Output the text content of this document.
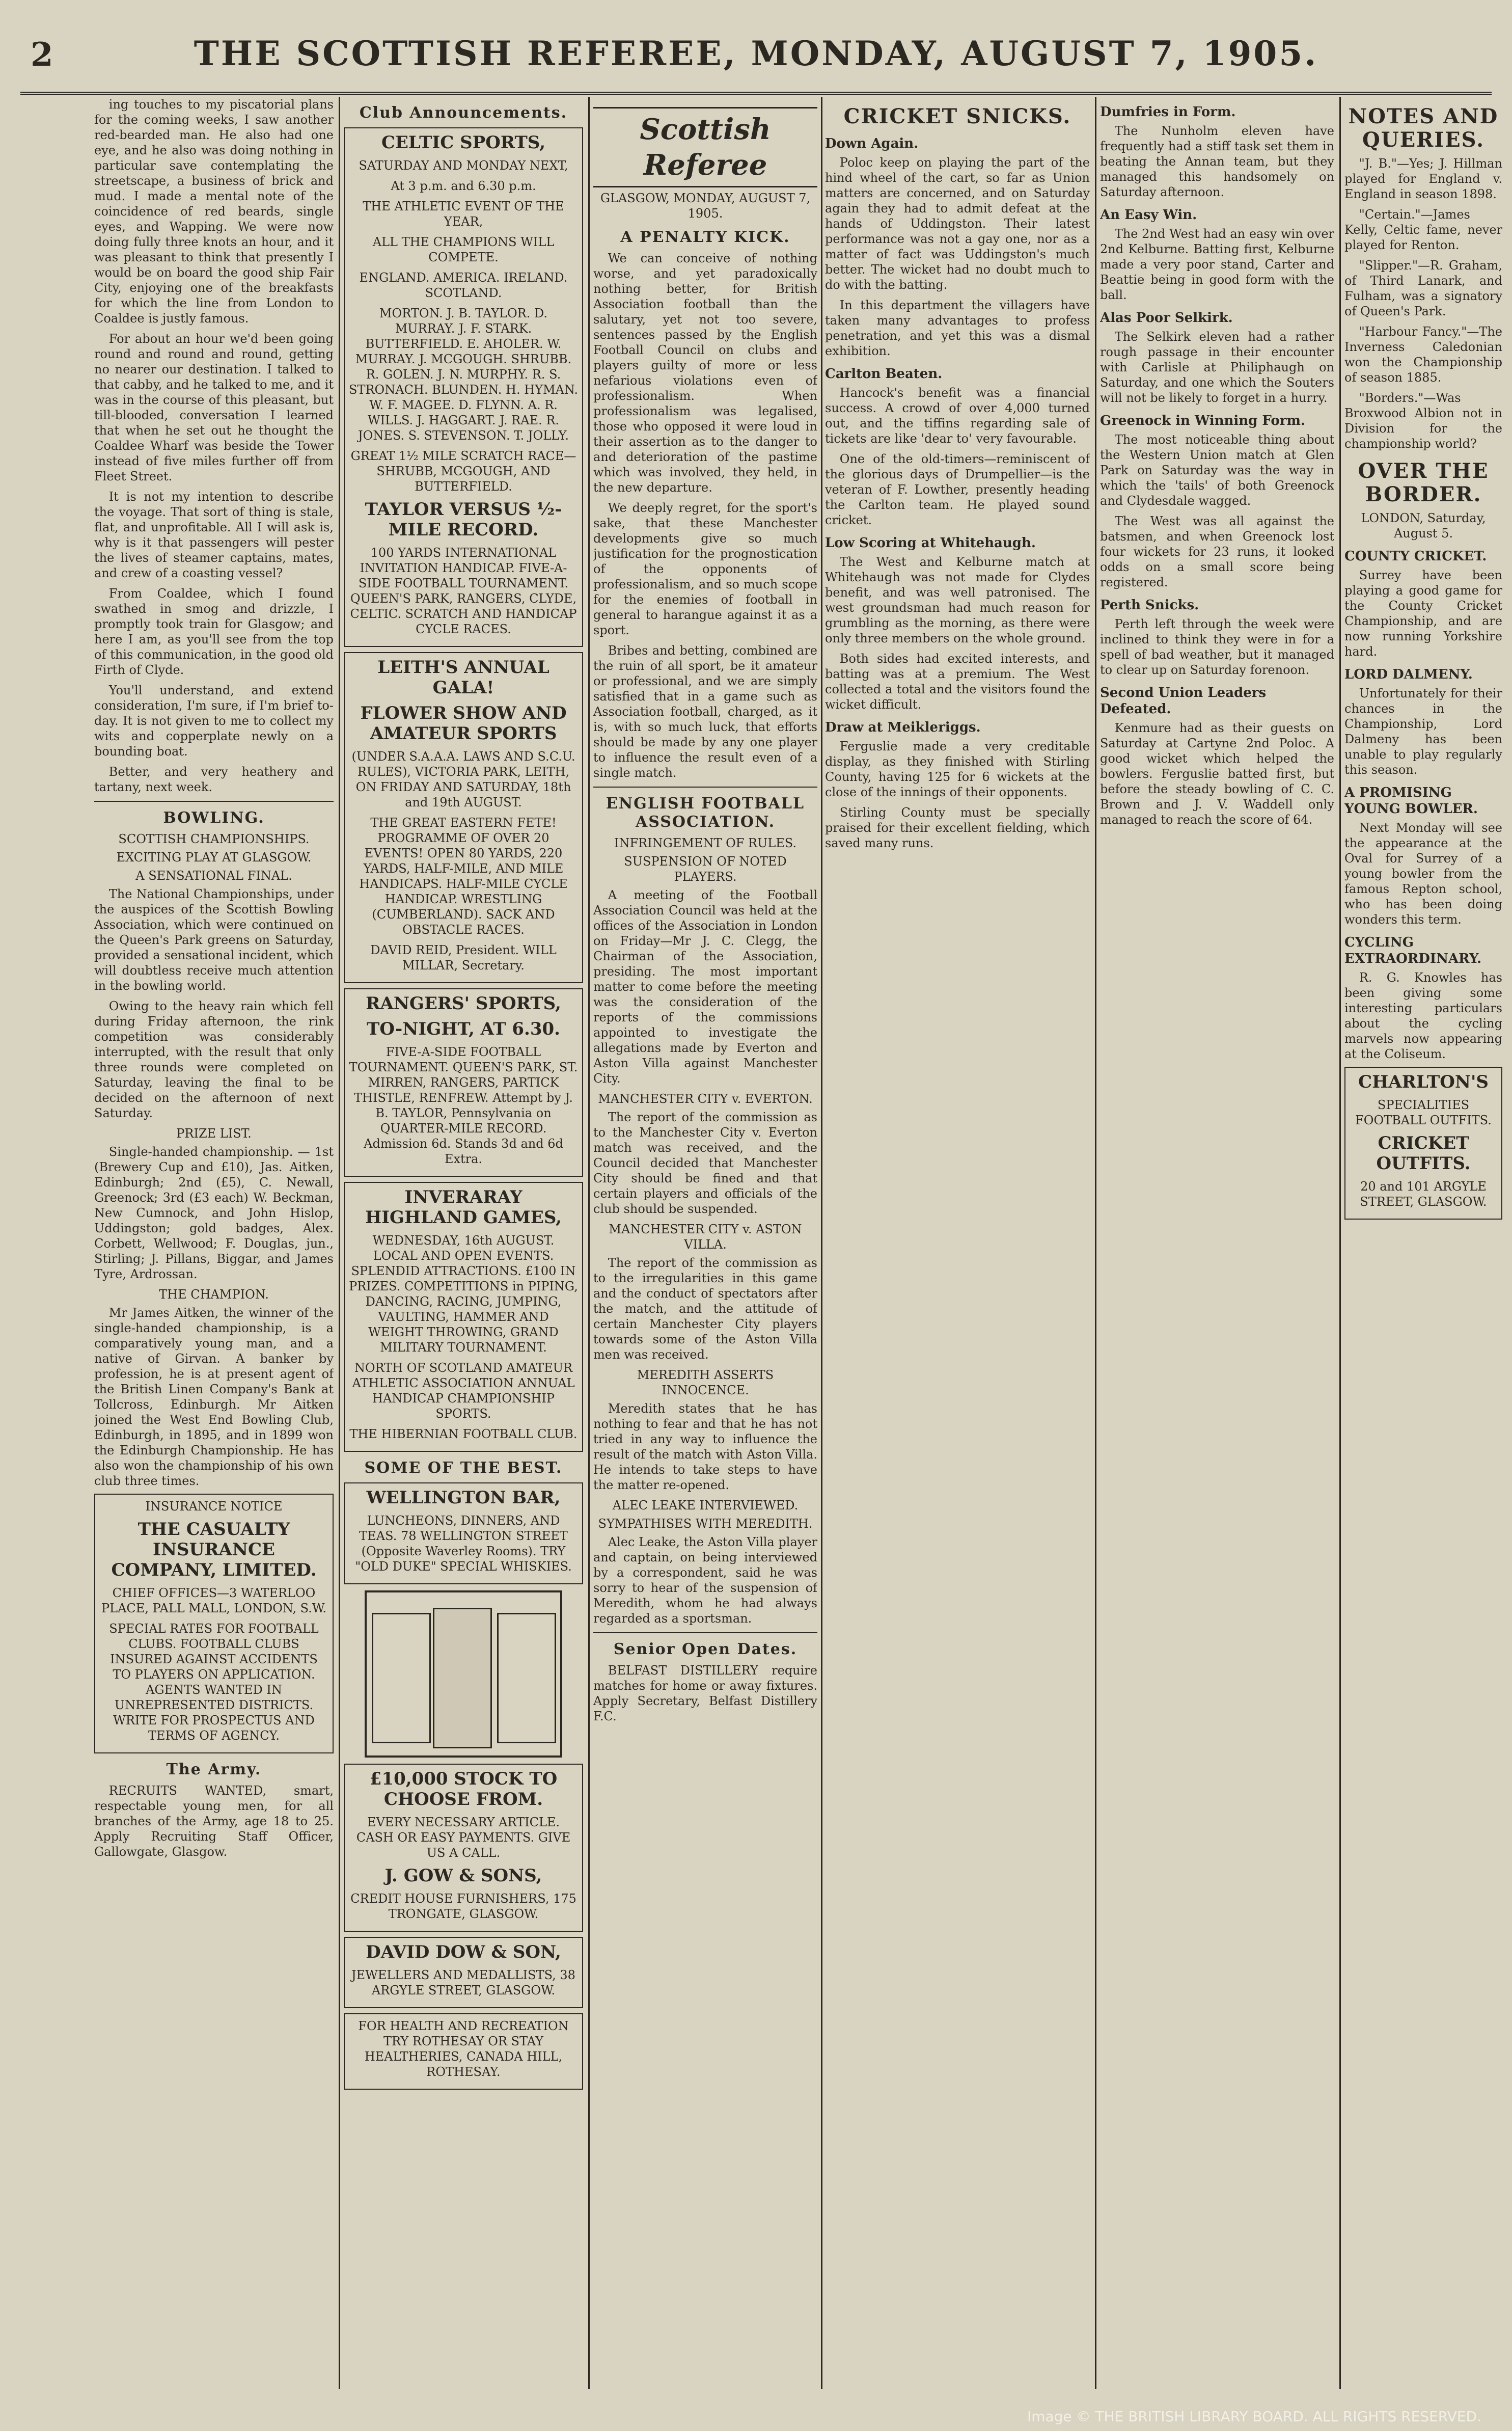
2	THE SCOTTISH REFEREE, MONDAY, AUGUST 7, 1905.

ing touches to my piscatorial plans for the coming weeks, I saw another red-bearded man. He also had one eye, and he also was doing nothing in particular save contemplating the streetscape, a business of brick and mud. I made a mental note of the coincidence of red beards, single eyes, and Wapping. We were now doing fully three knots an hour, and it was pleasant to think that presently I would be on board the good ship Fair City, enjoying one of the breakfasts for which the line from London to Coaldee is justly famous.

For about an hour we'd been going round and round and round, getting no nearer our destination. I talked to that cabby, and he talked to me, and it was in the course of this pleasant, but till-blooded, conversation I learned that when he set out he thought the Coaldee Wharf was beside the Tower instead of five miles further off from Fleet Street.

It is not my intention to describe the voyage. That sort of thing is stale, flat, and unprofitable. All I will ask is, why is it that passengers will pester the lives of steamer captains, mates, and crew of a coasting vessel?

From Coaldee, which I found swathed in smog and drizzle, I promptly took train for Glasgow; and here I am, as you'll see from the top of this communication, in the good old Firth of Clyde.

You'll understand, and extend consideration, I'm sure, if I'm brief to-day. It is not given to me to collect my wits and copperplate newly on a bounding boat.

Better, and very heathery and tartany, next week.

BOWLING.

SCOTTISH CHAMPIONSHIPS.

EXCITING PLAY AT GLASGOW.

A SENSATIONAL FINAL.

The National Championships, under the auspices of the Scottish Bowling Association, which were continued on the Queen's Park greens on Saturday, provided a sensational incident, which will doubtless receive much attention in the bowling world.

Owing to the heavy rain which fell during Friday afternoon, the rink competition was considerably interrupted, with the result that only three rounds were completed on Saturday, leaving the final to be decided on the afternoon of next Saturday.

PRIZE LIST.

Single-handed championship. — 1st (Brewery Cup and £10), Jas. Aitken, Edinburgh; 2nd (£5), C. Newall, Greenock; 3rd (£3 each) W. Beckman, New Cumnock, and John Hislop, Uddingston; gold badges, Alex. Corbett, Wellwood; F. Douglas, jun., Stirling; J. Pillans, Biggar, and James Tyre, Ardrossan.

THE CHAMPION.

Mr James Aitken, the winner of the single-handed championship, is a comparatively young man, and a native of Girvan. A banker by profession, he is at present agent of the British Linen Company's Bank at Tollcross, Edinburgh. Mr Aitken joined the West End Bowling Club, Edinburgh, in 1895, and in 1899 won the Edinburgh Championship. He has also won the championship of his own club three times.

INSURANCE NOTICE

THE CASUALTY INSURANCE COMPANY, LIMITED.

CHIEF OFFICES—3 WATERLOO PLACE, PALL MALL, LONDON, S.W.

SPECIAL RATES FOR FOOTBALL CLUBS. FOOTBALL CLUBS INSURED AGAINST ACCIDENTS TO PLAYERS ON APPLICATION. AGENTS WANTED IN UNREPRESENTED DISTRICTS. WRITE FOR PROSPECTUS AND TERMS OF AGENCY.

The Army.

RECRUITS WANTED, smart, respectable young men, for all branches of the Army, age 18 to 25. Apply Recruiting Staff Officer, Gallowgate, Glasgow.

Club Announcements.

CELTIC SPORTS,

SATURDAY AND MONDAY NEXT,

At 3 p.m. and 6.30 p.m.

THE ATHLETIC EVENT OF THE YEAR,

ALL THE CHAMPIONS WILL COMPETE.

ENGLAND. AMERICA. IRELAND. SCOTLAND.

MORTON. J. B. TAYLOR. D. MURRAY. J. F. STARK. BUTTERFIELD. E. AHOLER. W. MURRAY. J. MCGOUGH. SHRUBB. R. GOLEN. J. N. MURPHY. R. S. STRONACH. BLUNDEN. H. HYMAN. W. F. MAGEE. D. FLYNN. A. R. WILLS. J. HAGGART. J. RAE. R. JONES. S. STEVENSON. T. JOLLY.

GREAT 1½ MILE SCRATCH RACE— SHRUBB, MCGOUGH, AND BUTTERFIELD.

TAYLOR VERSUS ½-MILE RECORD.

100 YARDS INTERNATIONAL INVITATION HANDICAP. FIVE-A-SIDE FOOTBALL TOURNAMENT. QUEEN'S PARK, RANGERS, CLYDE, CELTIC. SCRATCH AND HANDICAP CYCLE RACES.

LEITH'S ANNUAL GALA!

FLOWER SHOW AND AMATEUR SPORTS

(UNDER S.A.A.A. LAWS AND S.C.U. RULES), VICTORIA PARK, LEITH, ON FRIDAY AND SATURDAY, 18th and 19th AUGUST.

THE GREAT EASTERN FETE! PROGRAMME OF OVER 20 EVENTS! OPEN 80 YARDS, 220 YARDS, HALF-MILE, AND MILE HANDICAPS. HALF-MILE CYCLE HANDICAP. WRESTLING (CUMBERLAND). SACK AND OBSTACLE RACES.

DAVID REID, President. WILL MILLAR, Secretary.

RANGERS' SPORTS,

TO-NIGHT, AT 6.30.

FIVE-A-SIDE FOOTBALL TOURNAMENT. QUEEN'S PARK, ST. MIRREN, RANGERS, PARTICK THISTLE, RENFREW. Attempt by J. B. TAYLOR, Pennsylvania on QUARTER-MILE RECORD. Admission 6d. Stands 3d and 6d Extra.

INVERARAY HIGHLAND GAMES,

WEDNESDAY, 16th AUGUST. LOCAL AND OPEN EVENTS. SPLENDID ATTRACTIONS. £100 IN PRIZES. COMPETITIONS in PIPING, DANCING, RACING, JUMPING, VAULTING, HAMMER AND WEIGHT THROWING, GRAND MILITARY TOURNAMENT.

NORTH OF SCOTLAND AMATEUR ATHLETIC ASSOCIATION ANNUAL HANDICAP CHAMPIONSHIP SPORTS.

THE HIBERNIAN FOOTBALL CLUB.

SOME OF THE BEST.

WELLINGTON BAR,

LUNCHEONS, DINNERS, AND TEAS. 78 WELLINGTON STREET (Opposite Waverley Rooms). TRY "OLD DUKE" SPECIAL WHISKIES.

£10,000 STOCK TO CHOOSE FROM.

EVERY NECESSARY ARTICLE. CASH OR EASY PAYMENTS. GIVE US A CALL.

J. GOW & SONS,

CREDIT HOUSE FURNISHERS, 175 TRONGATE, GLASGOW.

DAVID DOW & SON,

JEWELLERS AND MEDALLISTS, 38 ARGYLE STREET, GLASGOW.

FOR HEALTH AND RECREATION TRY ROTHESAY OR STAY HEALTHERIES, CANADA HILL, ROTHESAY.

Scottish Referee

GLASGOW, MONDAY, AUGUST 7, 1905.

A PENALTY KICK.

We can conceive of nothing worse, and yet paradoxically nothing better, for British Association football than the salutary, yet not too severe, sentences passed by the English Football Council on clubs and players guilty of more or less nefarious violations even of professionalism. When professionalism was legalised, those who opposed it were loud in their assertion as to the danger to and deterioration of the pastime which was involved, they held, in the new departure.

We deeply regret, for the sport's sake, that these Manchester developments give so much justification for the prognostication of the opponents of professionalism, and so much scope for the enemies of football in general to harangue against it as a sport.

Bribes and betting, combined are the ruin of all sport, be it amateur or professional, and we are simply satisfied that in a game such as Association football, charged, as it is, with so much luck, that efforts should be made by any one player to influence the result even of a single match.

ENGLISH FOOTBALL ASSOCIATION.

INFRINGEMENT OF RULES.

SUSPENSION OF NOTED PLAYERS.

A meeting of the Football Association Council was held at the offices of the Association in London on Friday—Mr J. C. Clegg, the Chairman of the Association, presiding. The most important matter to come before the meeting was the consideration of the reports of the commissions appointed to investigate the allegations made by Everton and Aston Villa against Manchester City.

MANCHESTER CITY v. EVERTON.

The report of the commission as to the Manchester City v. Everton match was received, and the Council decided that Manchester City should be fined and that certain players and officials of the club should be suspended.

MANCHESTER CITY v. ASTON VILLA.

The report of the commission as to the irregularities in this game and the conduct of spectators after the match, and the attitude of certain Manchester City players towards some of the Aston Villa men was received.

MEREDITH ASSERTS INNOCENCE.

Meredith states that he has nothing to fear and that he has not tried in any way to influence the result of the match with Aston Villa. He intends to take steps to have the matter re-opened.

ALEC LEAKE INTERVIEWED.

SYMPATHISES WITH MEREDITH.

Alec Leake, the Aston Villa player and captain, on being interviewed by a correspondent, said he was sorry to hear of the suspension of Meredith, whom he had always regarded as a sportsman.

Senior Open Dates.

BELFAST DISTILLERY require matches for home or away fixtures. Apply Secretary, Belfast Distillery F.C.

CRICKET SNICKS.
Down Again.

Poloc keep on playing the part of the hind wheel of the cart, so far as Union matters are concerned, and on Saturday again they had to admit defeat at the hands of Uddingston. Their latest performance was not a gay one, nor as a matter of fact was Uddingston's much better. The wicket had no doubt much to do with the batting.

In this department the villagers have taken many advantages to profess penetration, and yet this was a dismal exhibition.

Carlton Beaten.

Hancock's benefit was a financial success. A crowd of over 4,000 turned out, and the tiffins regarding sale of tickets are like 'dear to' very favourable.

One of the old-timers—reminiscent of the glorious days of Drumpellier—is the veteran of F. Lowther, presently heading the Carlton team. He played sound cricket.

Low Scoring at Whitehaugh.

The West and Kelburne match at Whitehaugh was not made for Clydes benefit, and was well patronised. The west groundsman had much reason for grumbling as the morning, as there were only three members on the whole ground.

Both sides had excited interests, and batting was at a premium. The West collected a total and the visitors found the wicket difficult.

Draw at Meikleriggs.

Ferguslie made a very creditable display, as they finished with Stirling County, having 125 for 6 wickets at the close of the innings of their opponents.

Stirling County must be specially praised for their excellent fielding, which saved many runs.

Dumfries in Form.

The Nunholm eleven have frequently had a stiff task set them in beating the Annan team, but they managed this handsomely on Saturday afternoon.

An Easy Win.

The 2nd West had an easy win over 2nd Kelburne. Batting first, Kelburne made a very poor stand, Carter and Beattie being in good form with the ball.

Alas Poor Selkirk.

The Selkirk eleven had a rather rough passage in their encounter with Carlisle at Philiphaugh on Saturday, and one which the Souters will not be likely to forget in a hurry.

Greenock in Winning Form.

The most noticeable thing about the Western Union match at Glen Park on Saturday was the way in which the 'tails' of both Greenock and Clydesdale wagged.

The West was all against the batsmen, and when Greenock lost four wickets for 23 runs, it looked odds on a small score being registered.

Perth Snicks.

Perth left through the week were inclined to think they were in for a spell of bad weather, but it managed to clear up on Saturday forenoon.

Second Union Leaders Defeated.

Kenmure had as their guests on Saturday at Cartyne 2nd Poloc. A good wicket which helped the bowlers. Ferguslie batted first, but before the steady bowling of C. C. Brown and J. V. Waddell only managed to reach the score of 64.

NOTES AND QUERIES.

"J. B."—Yes; J. Hillman played for England v. England in season 1898.

"Certain."—James Kelly, Celtic fame, never played for Renton.

"Slipper."—R. Graham, of Third Lanark, and Fulham, was a signatory of Queen's Park.

"Harbour Fancy."—The Inverness Caledonian won the Championship of season 1885.

"Borders."—Was Broxwood Albion not in Division for the championship world?

OVER THE BORDER.

LONDON, Saturday, August 5.

COUNTY CRICKET.

Surrey have been playing a good game for the County Cricket Championship, and are now running Yorkshire hard.

LORD DALMENY.

Unfortunately for their chances in the Championship, Lord Dalmeny has been unable to play regularly this season.

A PROMISING YOUNG BOWLER.

Next Monday will see the appearance at the Oval for Surrey of a young bowler from the famous Repton school, who has been doing wonders this term.

CYCLING EXTRAORDINARY.

R. G. Knowles has been giving some interesting particulars about the cycling marvels now appearing at the Coliseum.

CHARLTON'S

SPECIALITIES FOOTBALL OUTFITS.

CRICKET OUTFITS.

20 and 101 ARGYLE STREET, GLASGOW.

Image © THE BRITISH LIBRARY BOARD. ALL RIGHTS RESERVED.
